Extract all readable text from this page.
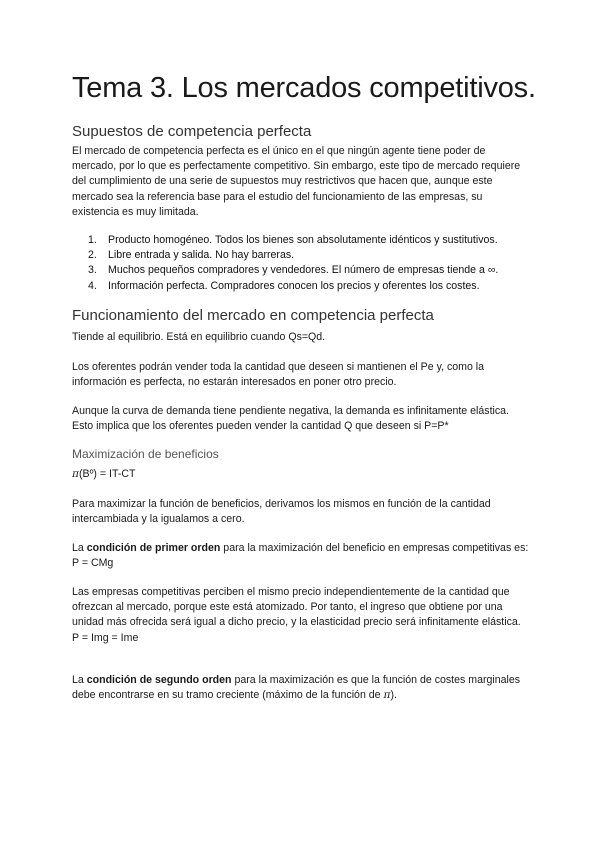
Tema 3. Los mercados competitivos.
Supuestos de competencia perfecta

El mercado de competencia perfecta es el único en el que ningún agente tiene poder de mercado, por lo que es perfectamente competitivo. Sin embargo, este tipo de mercado requiere del cumplimiento de una serie de supuestos muy restrictivos que hacen que, aunque este mercado sea la referencia base para el estudio del funcionamiento de las empresas, su existencia es muy limitada.

1. Producto homogéneo. Todos los bienes son absolutamente idénticos y sustitutivos.
2. Libre entrada y salida. No hay barreras.
3. Muchos pequeños compradores y vendedores. El número de empresas tiende a ∞.
4. Información perfecta. Compradores conocen los precios y oferentes los costes.
Funcionamiento del mercado en competencia perfecta

Tiende al equilibrio. Está en equilibrio cuando Qs=Qd.

Los oferentes podrán vender toda la cantidad que deseen si mantienen el Pe y, como la información es perfecta, no estarán interesados en poner otro precio.

Aunque la curva de demanda tiene pendiente negativa, la demanda es infinitamente elástica. Esto implica que los oferentes pueden vender la cantidad Q que deseen si P=P*

Maximización de beneficios

π(Bº) = IT-CT

Para maximizar la función de beneficios, derivamos los mismos en función de la cantidad intercambiada y la igualamos a cero.

La condición de primer orden para la maximización del beneficio en empresas competitivas es: P = CMg

Las empresas competitivas perciben el mismo precio independientemente de la cantidad que ofrezcan al mercado, porque este está atomizado. Por tanto, el ingreso que obtiene por una unidad más ofrecida será igual a dicho precio, y la elasticidad precio será infinitamente elástica.
P = Img = Ime

La condición de segundo orden para la maximización es que la función de costes marginales debe encontrarse en su tramo creciente (máximo de la función de π).
